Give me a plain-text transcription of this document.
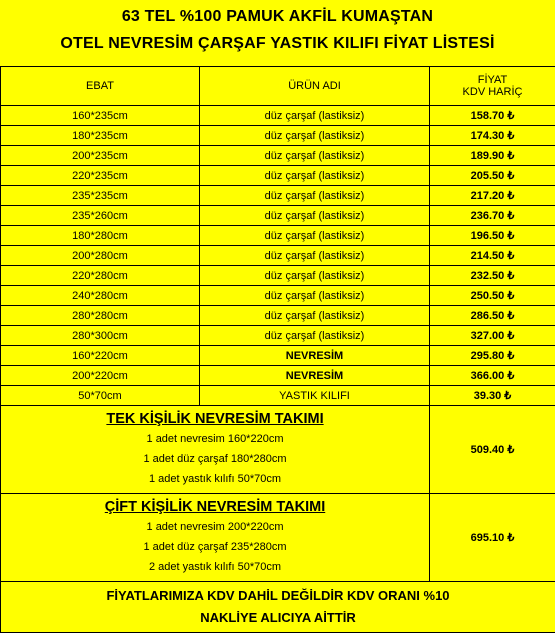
63 TEL %100 PAMUK AKFİL KUMAŞTAN
OTEL NEVRESİM ÇARŞAF YASTIK KILIFI FİYAT LİSTESİ
EBAT	ÜRÜN ADI	FİYAT
KDV HARİÇ

160*235cm	düz çarşaf (lastiksiz)	158.70 ₺
180*235cm	düz çarşaf (lastiksiz)	174.30 ₺
200*235cm	düz çarşaf (lastiksiz)	189.90 ₺
220*235cm	düz çarşaf (lastiksiz)	205.50 ₺
235*235cm	düz çarşaf (lastiksiz)	217.20 ₺
235*260cm	düz çarşaf (lastiksiz)	236.70 ₺
180*280cm	düz çarşaf (lastiksiz)	196.50 ₺
200*280cm	düz çarşaf (lastiksiz)	214.50 ₺
220*280cm	düz çarşaf (lastiksiz)	232.50 ₺
240*280cm	düz çarşaf (lastiksiz)	250.50 ₺
280*280cm	düz çarşaf (lastiksiz)	286.50 ₺
280*300cm	düz çarşaf (lastiksiz)	327.00 ₺
160*220cm	NEVRESİM	295.80 ₺
200*220cm	NEVRESİM	366.00 ₺
50*70cm	YASTIK KILIFI	39.30 ₺

TEK KİŞİLİK NEVRESİM TAKIMI
1 adet nevresim 160*220cm
1 adet düz çarşaf 180*280cm
1 adet yastık kılıfı 50*70cm		509.40 ₺

ÇİFT KİŞİLİK NEVRESİM TAKIMI
1 adet nevresim 200*220cm
1 adet düz çarşaf 235*280cm
2 adet yastık kılıfı 50*70cm		695.10 ₺

FİYATLARIMIZA KDV DAHİL DEĞİLDİR KDV ORANI %10
NAKLİYE ALICIYA AİTTİR		
